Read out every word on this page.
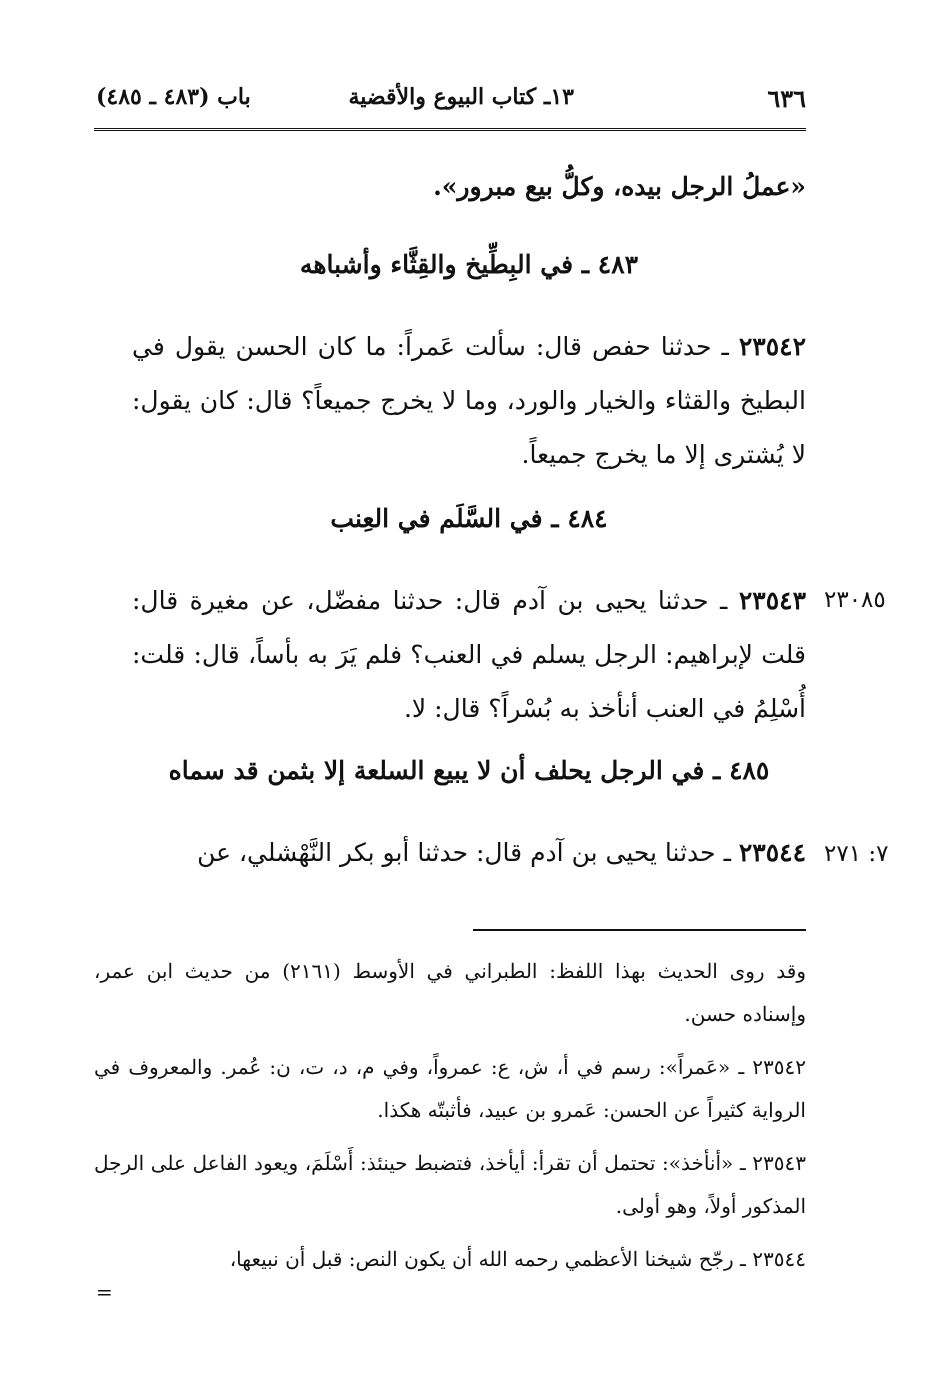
٦٣٦
١٣ـ كتاب البيوع والأقضية
باب (٤٨٣ ـ ٤٨٥)
«عملُ الرجل بيده، وكلُّ بيع مبرور».
٤٨٣ ـ في البِطِّيخ والقِثَّاء وأشباهه
٢٣٥٤٢ ـ حدثنا حفص قال: سألت عَمراً: ما كان الحسن يقول في البطيخ والقثاء والخيار والورد، وما لا يخرج جميعاً؟ قال: كان يقول: لا يُشترى إلا ما يخرج جميعاً.
٤٨٤ ـ في السَّلَم في العِنب
٢٣٥٤٣ ـ حدثنا يحيى بن آدم قال: حدثنا مفضّل، عن مغيرة قال: قلت لإبراهيم: الرجل يسلم في العنب؟ فلم يَرَ به بأساً، قال: قلت: أُسْلِمُ في العنب أنأخذ به بُسْراً؟ قال: لا.
٢٣٠٨٥
٤٨٥ ـ في الرجل يحلف أن لا يبيع السلعة إلا بثمن قد سماه
٢٣٥٤٤ ـ حدثنا يحيى بن آدم قال: حدثنا أبو بكر النَّهْشلي، عن	٧: ٢٧١

وقد روى الحديث بهذا اللفظ: الطبراني في الأوسط (٢١٦١) من حديث ابن عمر، وإسناده حسن.

٢٣٥٤٢ ـ «عَمراً»: رسم في أ، ش، ع: عمرواً، وفي م، د، ت، ن: عُمر. والمعروف في الرواية كثيراً عن الحسن: عَمرو بن عبيد، فأثبتّه هكذا.

٢٣٥٤٣ ـ «أنأخذ»: تحتمل أن تقرأ: أيأخذ، فتضبط حينئذ: أَسْلَمَ، ويعود الفاعل على الرجل المذكور أولاً، وهو أولى.

٢٣٥٤٤ ـ رجّح شيخنا الأعظمي رحمه الله أن يكون النص: قبل أن نبيعها،

=
